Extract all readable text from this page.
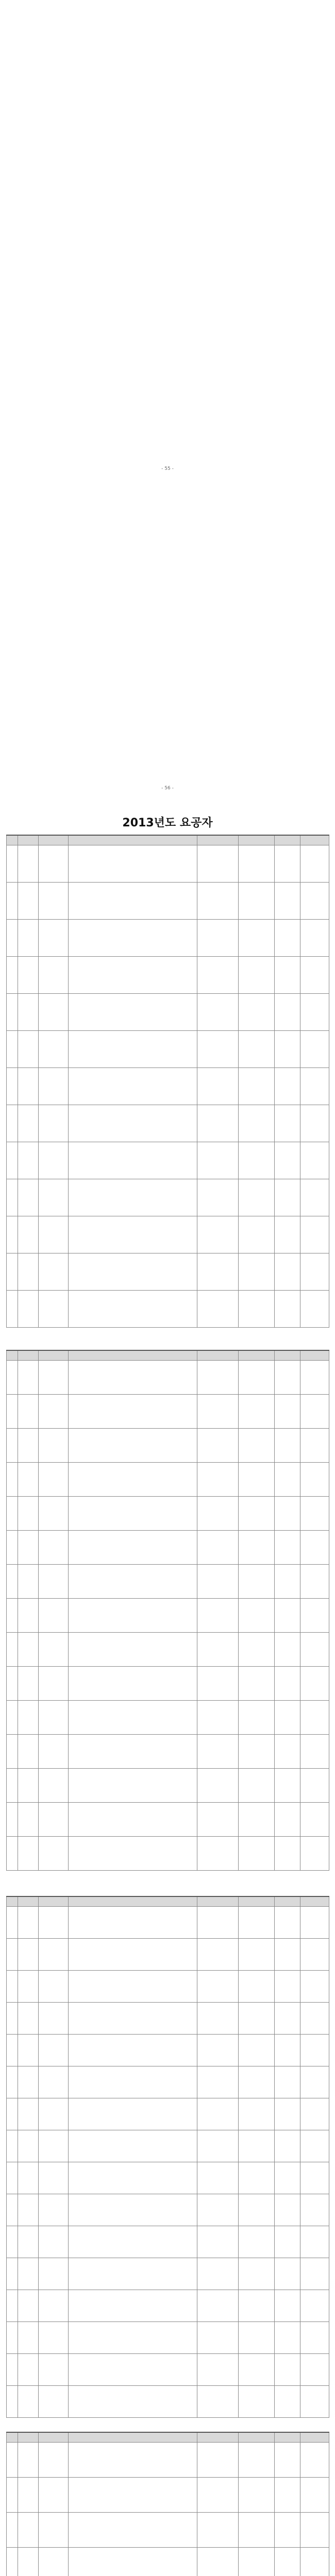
- 55 -
- 56 -
2013년도 요공자
